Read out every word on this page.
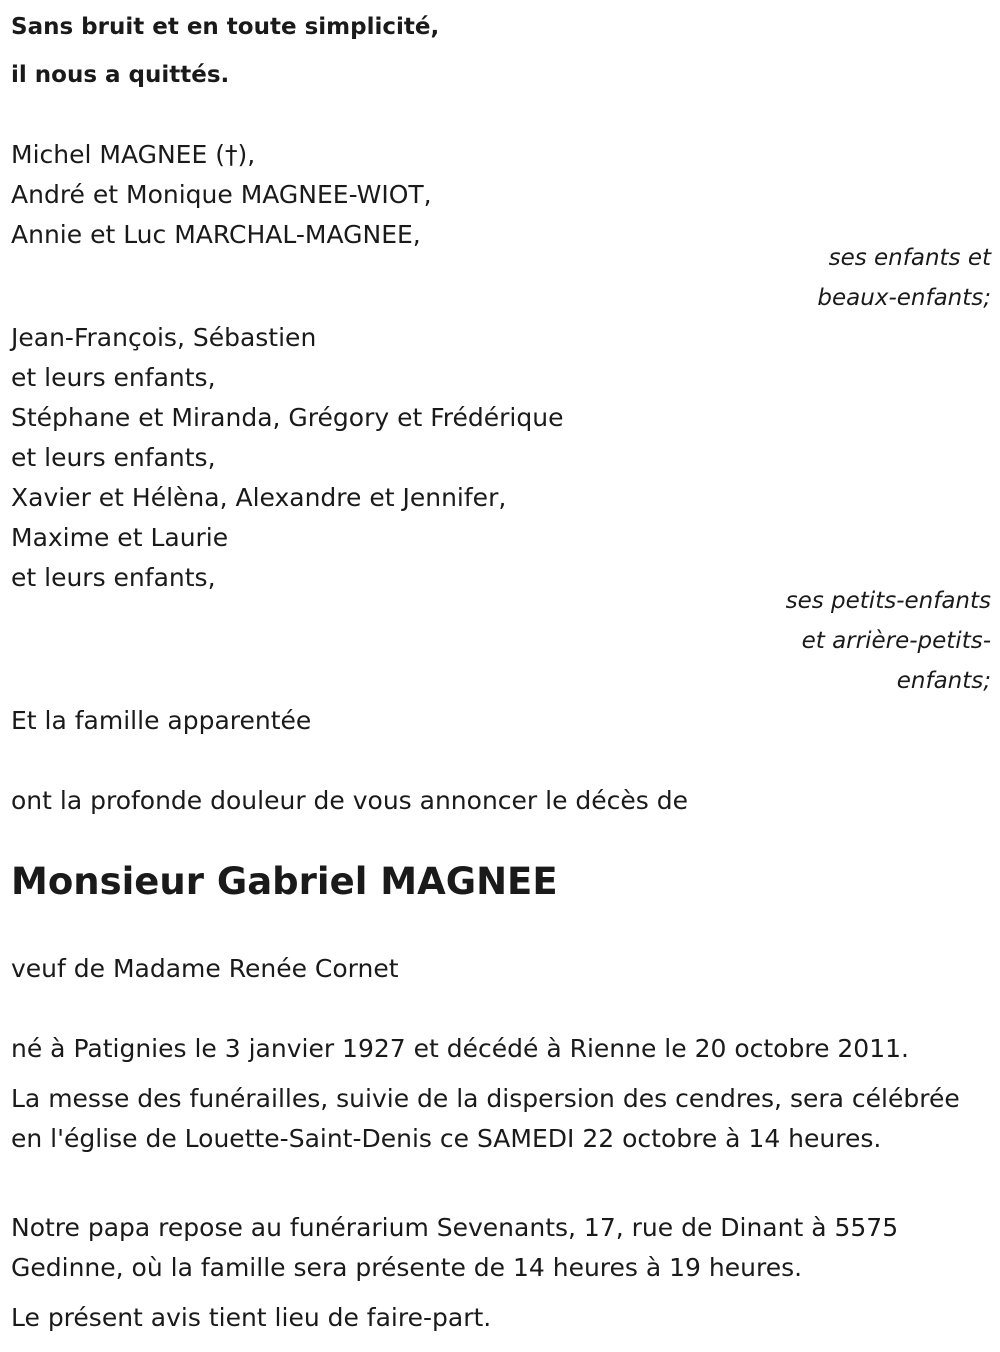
Sans bruit et en toute simplicité,
il nous a quittés.
Michel MAGNEE (†),
André et Monique MAGNEE-WIOT,
Annie et Luc MARCHAL-MAGNEE,
ses enfants et
beaux-enfants;
Jean-François, Sébastien
et leurs enfants,
Stéphane et Miranda, Grégory et Frédérique
et leurs enfants,
Xavier et Hélèna, Alexandre et Jennifer,
Maxime et Laurie
et leurs enfants,
ses petits-enfants
et arrière-petits-
enfants;
Et la famille apparentée
ont la profonde douleur de vous annoncer le décès de
Monsieur Gabriel MAGNEE
veuf de Madame Renée Cornet
né à Patignies le 3 janvier 1927 et décédé à Rienne le 20 octobre 2011.
La messe des funérailles, suivie de la dispersion des cendres, sera célébrée en l'église de Louette-Saint-Denis ce SAMEDI 22 octobre à 14 heures.
Notre papa repose au funérarium Sevenants, 17, rue de Dinant à 5575 Gedinne, où la famille sera présente de 14 heures à 19 heures.
Le présent avis tient lieu de faire-part.
